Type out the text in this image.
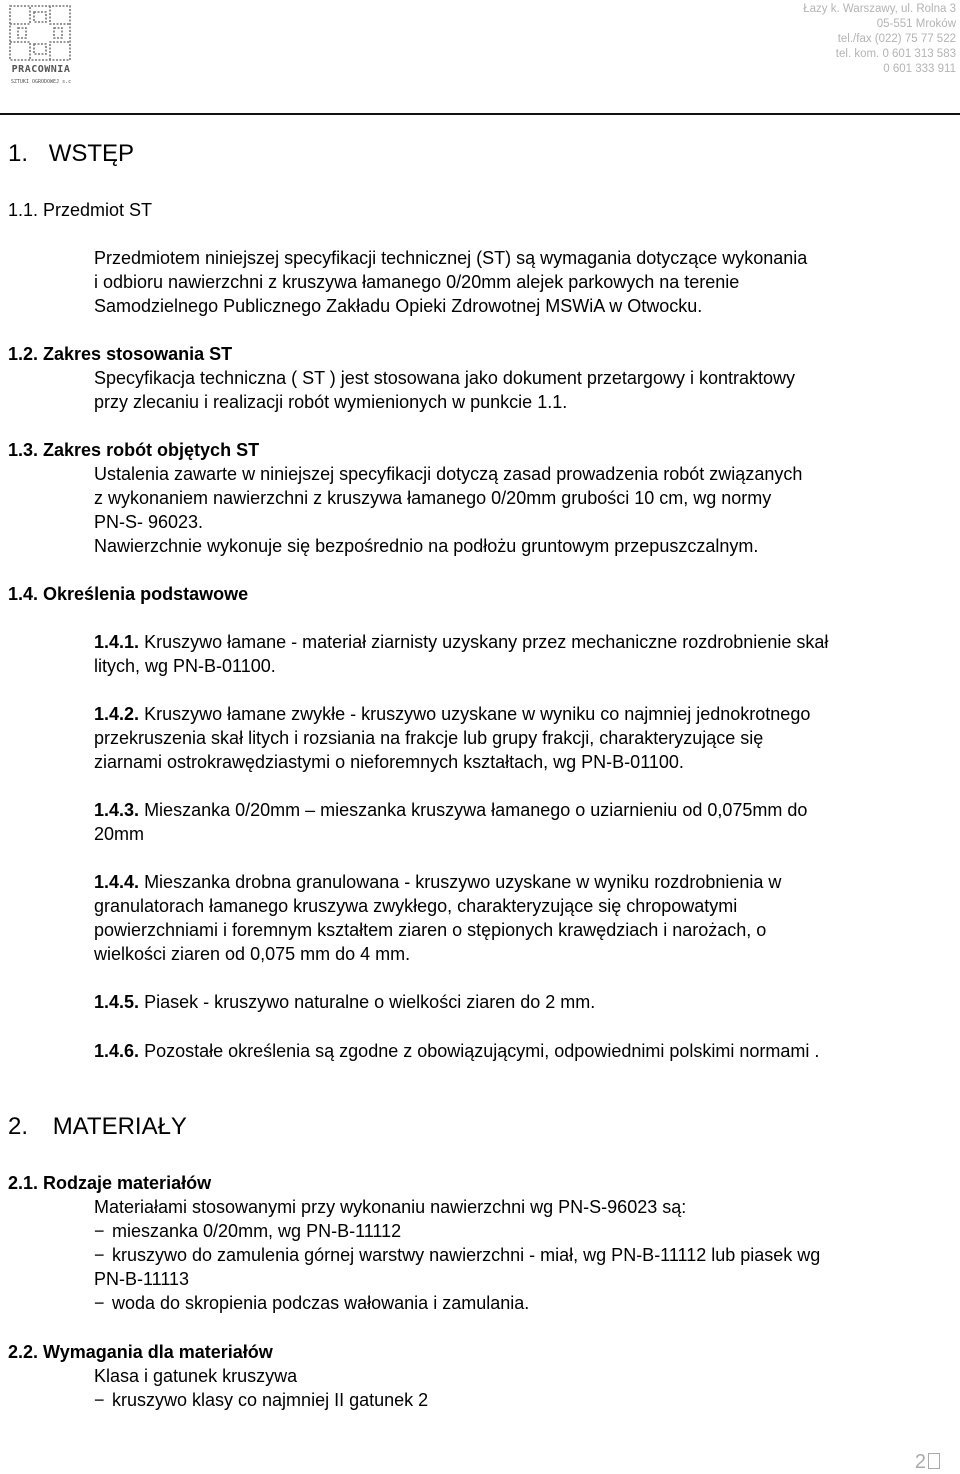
PRACOWNIA
SZTUKI OGRODOWEJ s.c
Łazy k. Warszawy, ul. Rolna 3
05-551 Mroków
tel./fax (022) 75 77 522
tel. kom. 0 601 313 583
0 601 333 911
1. WSTĘP
1.1. Przedmiot ST
Przedmiotem niniejszej specyfikacji technicznej (ST) są wymagania dotyczące wykonania
i odbioru nawierzchni z kruszywa łamanego 0/20mm alejek parkowych na terenie
Samodzielnego Publicznego Zakładu Opieki Zdrowotnej MSWiA w Otwocku.
1.2. Zakres stosowania ST
Specyfikacja techniczna ( ST ) jest stosowana jako dokument przetargowy i kontraktowy
przy zlecaniu i realizacji robót wymienionych w punkcie 1.1.
1.3. Zakres robót objętych ST
Ustalenia zawarte w niniejszej specyfikacji dotyczą zasad prowadzenia robót związanych
z wykonaniem nawierzchni z kruszywa łamanego 0/20mm grubości 10 cm, wg normy
PN-S- 96023.
Nawierzchnie wykonuje się bezpośrednio na podłożu gruntowym przepuszczalnym.
1.4. Określenia podstawowe
1.4.1. Kruszywo łamane - materiał ziarnisty uzyskany przez mechaniczne rozdrobnienie skał
litych, wg PN-B-01100.
1.4.2. Kruszywo łamane zwykłe - kruszywo uzyskane w wyniku co najmniej jednokrotnego
przekruszenia skał litych i rozsiania na frakcje lub grupy frakcji, charakteryzujące się
ziarnami ostrokrawędziastymi o nieforemnych kształtach, wg PN-B-01100.
1.4.3. Mieszanka 0/20mm – mieszanka kruszywa łamanego o uziarnieniu od 0,075mm do
20mm
1.4.4. Mieszanka drobna granulowana - kruszywo uzyskane w wyniku rozdrobnienia w
granulatorach łamanego kruszywa zwykłego, charakteryzujące się chropowatymi
powierzchniami i foremnym kształtem ziaren o stępionych krawędziach i narożach, o
wielkości ziaren od 0,075 mm do 4 mm.
1.4.5. Piasek - kruszywo naturalne o wielkości ziaren do 2 mm.
1.4.6. Pozostałe określenia są zgodne z obowiązującymi, odpowiednimi polskimi normami .
2. MATERIAŁY
2.1. Rodzaje materiałów
Materiałami stosowanymi przy wykonaniu nawierzchni wg PN-S-96023 są:
− mieszanka 0/20mm, wg PN-B-11112
− kruszywo do zamulenia górnej warstwy nawierzchni - miał, wg PN-B-11112 lub piasek wg
PN-B-11113
− woda do skropienia podczas wałowania i zamulania.
2.2. Wymagania dla materiałów
Klasa i gatunek kruszywa
− kruszywo klasy co najmniej II gatunek 2
2
